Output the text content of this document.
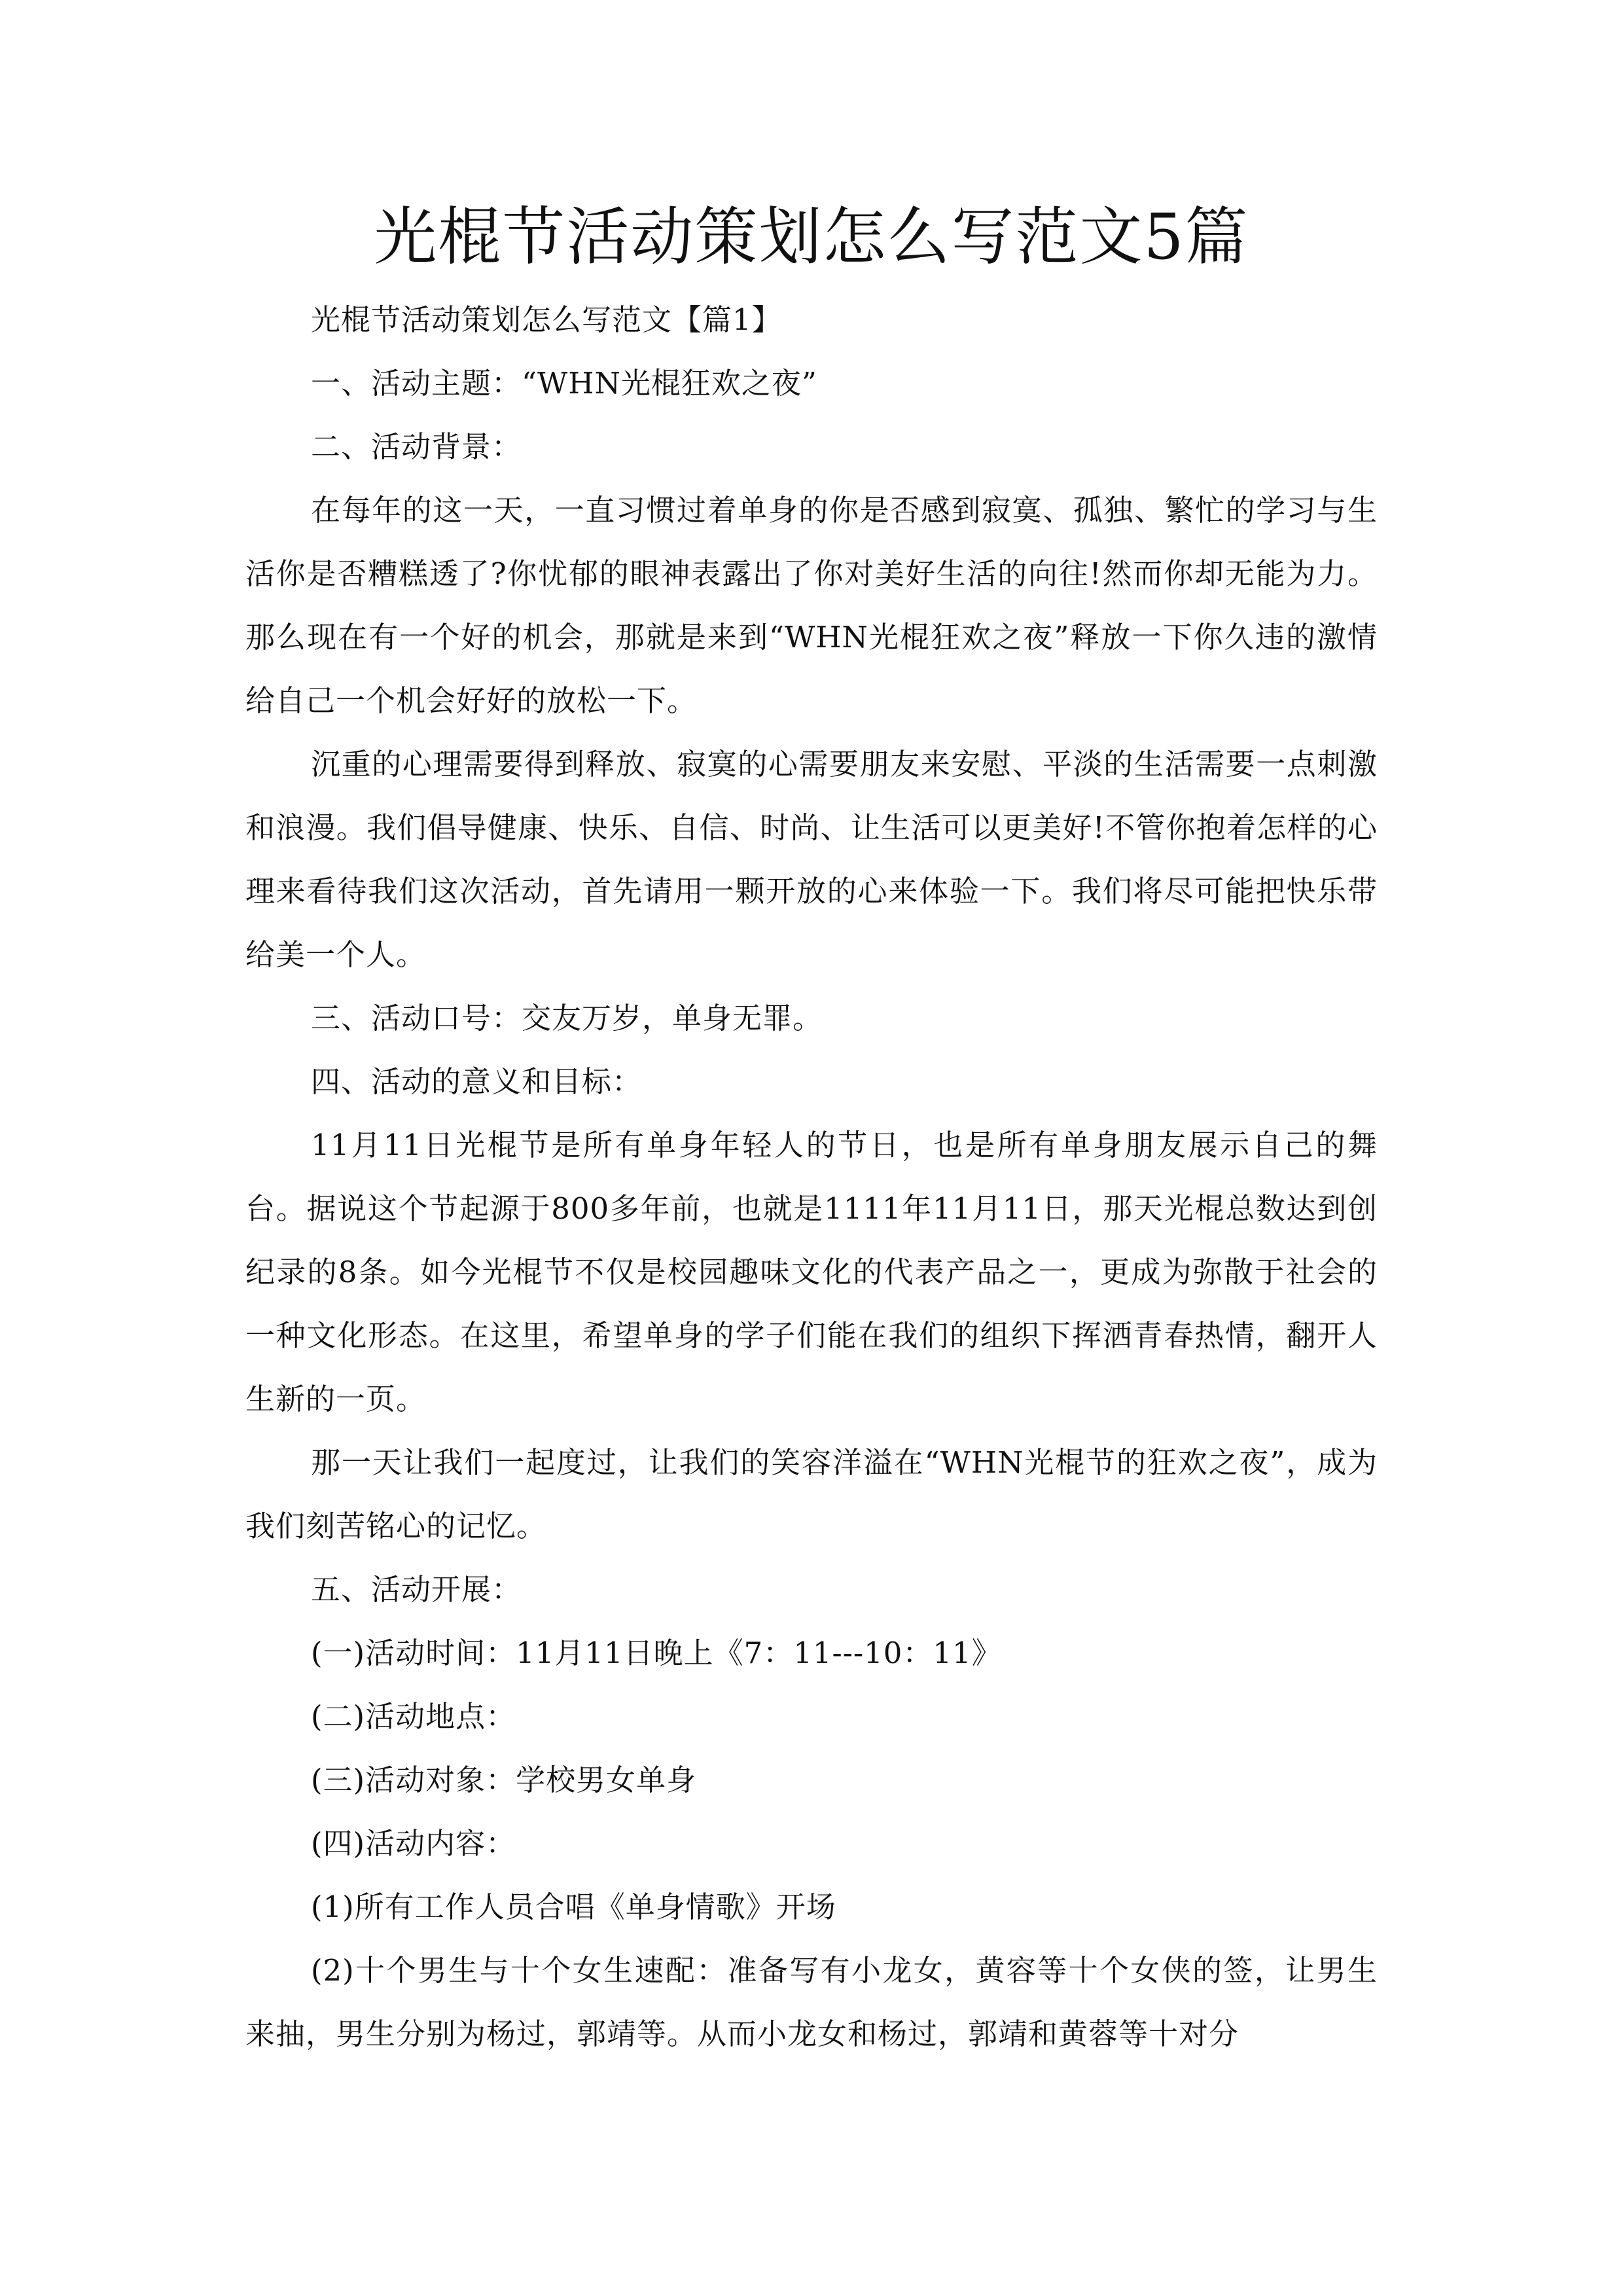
光棍节活动策划怎么写范文5篇

光棍节活动策划怎么写范文【篇1】

一、活动主题：“WHN光棍狂欢之夜”

二、活动背景：

在每年的这一天，一直习惯过着单身的你是否感到寂寞、孤独、繁忙的学习与生活你是否糟糕透了?你忧郁的眼神表露出了你对美好生活的向往!然而你却无能为力。那么现在有一个好的机会，那就是来到“WHN光棍狂欢之夜”释放一下你久违的激情给自己一个机会好好的放松一下。

沉重的心理需要得到释放、寂寞的心需要朋友来安慰、平淡的生活需要一点刺激和浪漫。我们倡导健康、快乐、自信、时尚、让生活可以更美好!不管你抱着怎样的心理来看待我们这次活动，首先请用一颗开放的心来体验一下。我们将尽可能把快乐带给美一个人。

三、活动口号：交友万岁，单身无罪。

四、活动的意义和目标：

11月11日光棍节是所有单身年轻人的节日，也是所有单身朋友展示自己的舞台。据说这个节起源于800多年前，也就是1111年11月11日，那天光棍总数达到创纪录的8条。如今光棍节不仅是校园趣味文化的代表产品之一，更成为弥散于社会的一种文化形态。在这里，希望单身的学子们能在我们的组织下挥洒青春热情，翻开人生新的一页。

那一天让我们一起度过，让我们的笑容洋溢在“WHN光棍节的狂欢之夜”，成为我们刻苦铭心的记忆。

五、活动开展：

(一)活动时间：11月11日晚上《7：11---10：11》

(二)活动地点：

(三)活动对象：学校男女单身

(四)活动内容：

(1)所有工作人员合唱《单身情歌》开场

(2)十个男生与十个女生速配：准备写有小龙女，黄容等十个女侠的签，让男生来抽，男生分别为杨过，郭靖等。从而小龙女和杨过，郭靖和黄蓉等十对分
